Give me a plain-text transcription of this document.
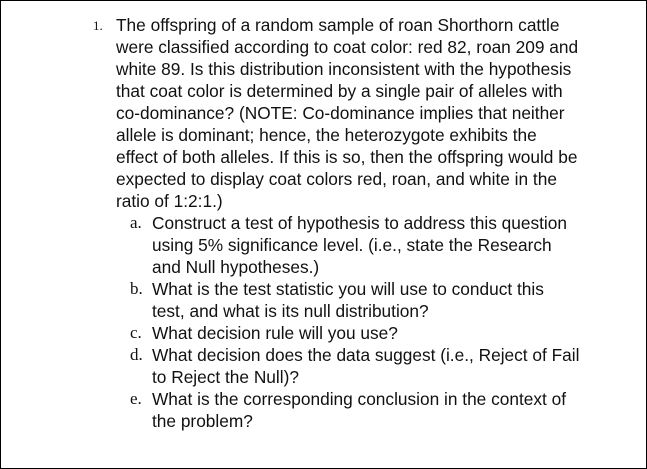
1. The offspring of a random sample of roan Shorthorn cattle were classified according to coat color: red 82, roan 209 and white 89. Is this distribution inconsistent with the hypothesis that coat color is determined by a single pair of alleles with co-dominance? (NOTE: Co-dominance implies that neither allele is dominant; hence, the heterozygote exhibits the effect of both alleles. If this is so, then the offspring would be expected to display coat colors red, roan, and white in the ratio of 1:2:1.)
a. Construct a test of hypothesis to address this question using 5% significance level. (i.e., state the Research and Null hypotheses.)
b. What is the test statistic you will use to conduct this test, and what is its null distribution?
c. What decision rule will you use?
d. What decision does the data suggest (i.e., Reject of Fail to Reject the Null)?
e. What is the corresponding conclusion in the context of the problem?
